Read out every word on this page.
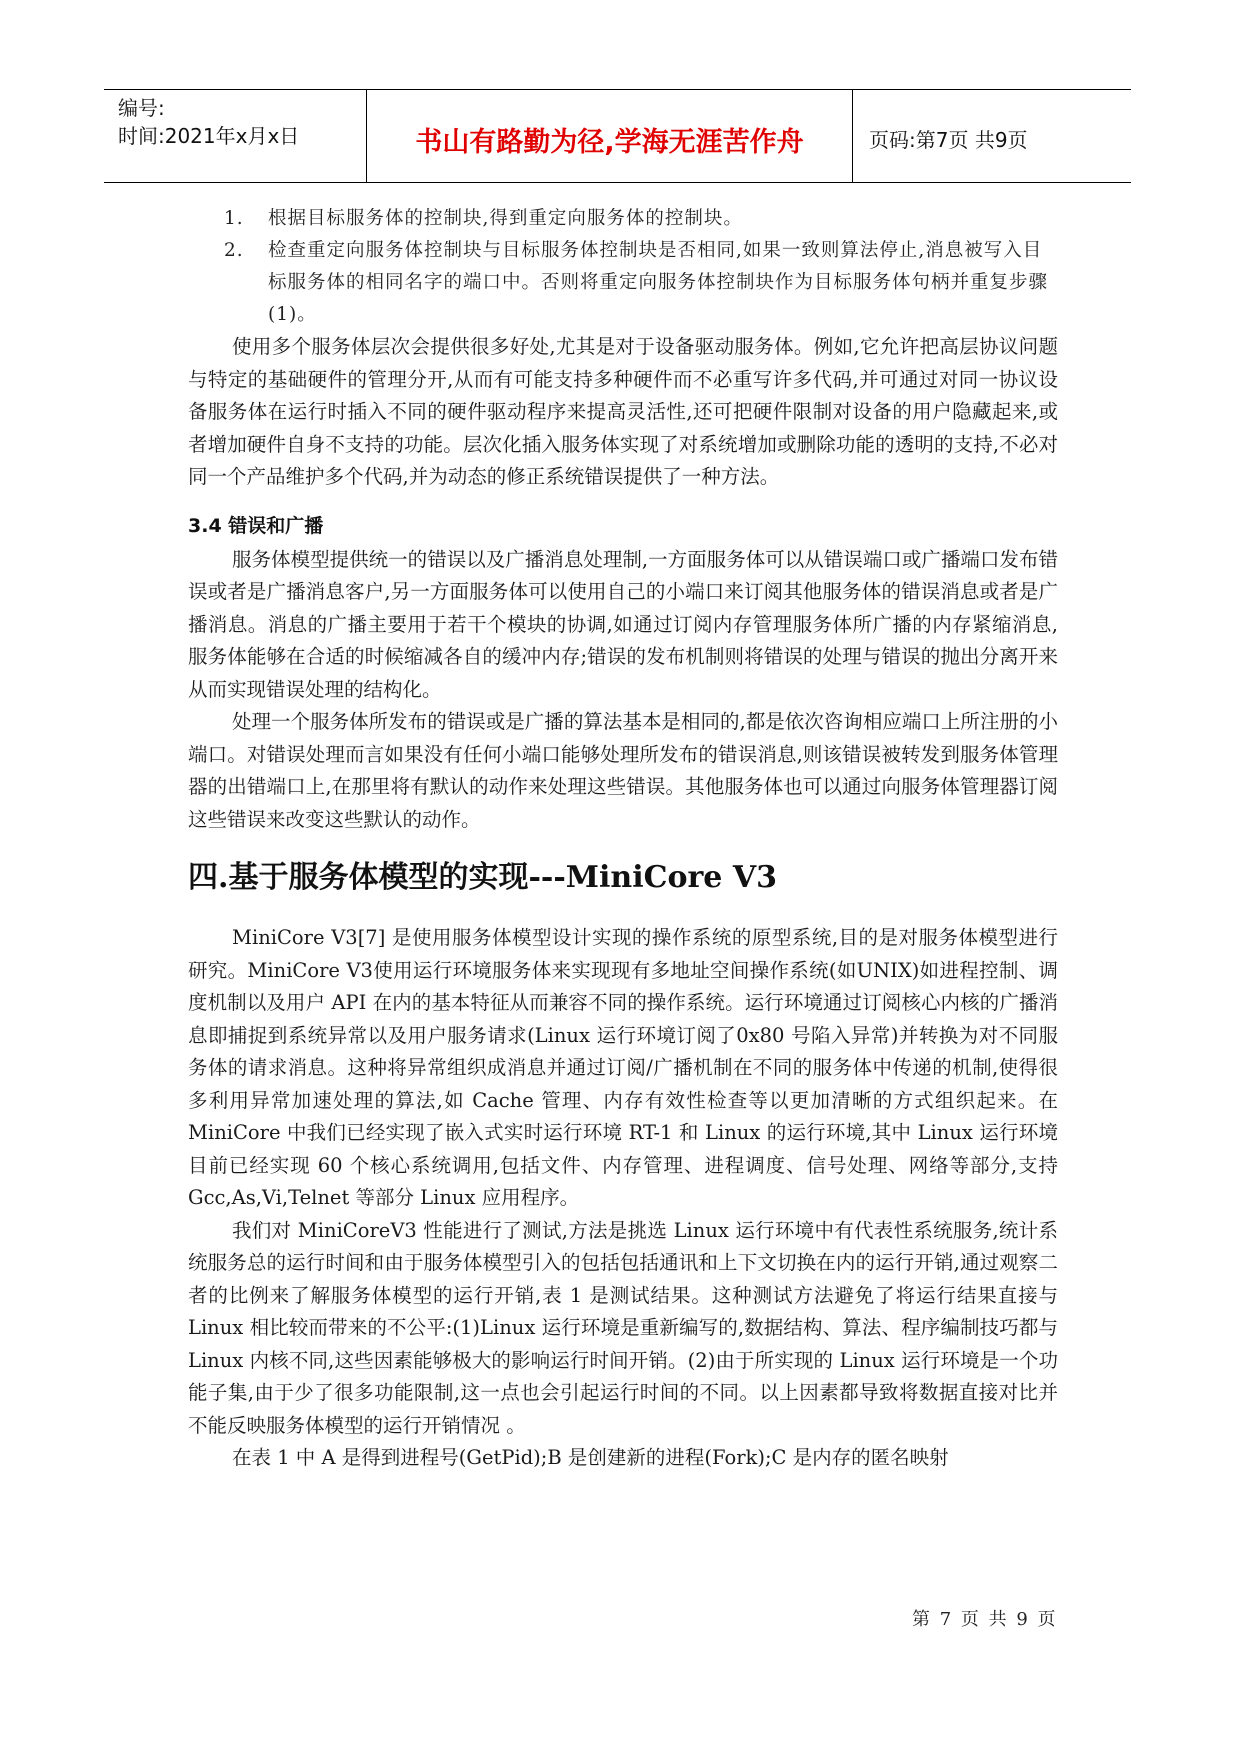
编号:
时间:2021年x月x日	书山有路勤为径,学海无涯苦作舟	页码:第7页 共9页
1. 根据目标服务体的控制块,得到重定向服务体的控制块。
2. 检查重定向服务体控制块与目标服务体控制块是否相同,如果一致则算法停止,消息被写入目标服务体的相同名字的端口中。否则将重定向服务体控制块作为目标服务体句柄并重复步骤(1)。

使用多个服务体层次会提供很多好处,尤其是对于设备驱动服务体。例如,它允许把高层协议问题与特定的基础硬件的管理分开,从而有可能支持多种硬件而不必重写许多代码,并可通过对同一协议设备服务体在运行时插入不同的硬件驱动程序来提高灵活性,还可把硬件限制对设备的用户隐藏起来,或者增加硬件自身不支持的功能。层次化插入服务体实现了对系统增加或删除功能的透明的支持,不必对同一个产品维护多个代码,并为动态的修正系统错误提供了一种方法。

3.4 错误和广播

服务体模型提供统一的错误以及广播消息处理制,一方面服务体可以从错误端口或广播端口发布错误或者是广播消息客户,另一方面服务体可以使用自己的小端口来订阅其他服务体的错误消息或者是广播消息。消息的广播主要用于若干个模块的协调,如通过订阅内存管理服务体所广播的内存紧缩消息,服务体能够在合适的时候缩减各自的缓冲内存;错误的发布机制则将错误的处理与错误的抛出分离开来从而实现错误处理的结构化。

处理一个服务体所发布的错误或是广播的算法基本是相同的,都是依次咨询相应端口上所注册的小端口。对错误处理而言如果没有任何小端口能够处理所发布的错误消息,则该错误被转发到服务体管理器的出错端口上,在那里将有默认的动作来处理这些错误。其他服务体也可以通过向服务体管理器订阅这些错误来改变这些默认的动作。

四.基于服务体模型的实现---MiniCore V3

MiniCore V3[7] 是使用服务体模型设计实现的操作系统的原型系统,目的是对服务体模型进行研究。MiniCore V3使用运行环境服务体来实现现有多地址空间操作系统(如UNIX)如进程控制、调度机制以及用户 API 在内的基本特征从而兼容不同的操作系统。运行环境通过订阅核心内核的广播消息即捕捉到系统异常以及用户服务请求(Linux 运行环境订阅了0x80 号陷入异常)并转换为对不同服务体的请求消息。这种将异常组织成消息并通过订阅/广播机制在不同的服务体中传递的机制,使得很多利用异常加速处理的算法,如 Cache 管理、内存有效性检查等以更加清晰的方式组织起来。在 MiniCore 中我们已经实现了嵌入式实时运行环境 RT-1 和 Linux 的运行环境,其中 Linux 运行环境目前已经实现 60 个核心系统调用,包括文件、内存管理、进程调度、信号处理、网络等部分,支持 Gcc,As,Vi,Telnet 等部分 Linux 应用程序。

我们对 MiniCoreV3 性能进行了测试,方法是挑选 Linux 运行环境中有代表性系统服务,统计系统服务总的运行时间和由于服务体模型引入的包括包括通讯和上下文切换在内的运行开销,通过观察二者的比例来了解服务体模型的运行开销,表 1 是测试结果。这种测试方法避免了将运行结果直接与 Linux 相比较而带来的不公平:(1)Linux 运行环境是重新编写的,数据结构、算法、程序编制技巧都与 Linux 内核不同,这些因素能够极大的影响运行时间开销。(2)由于所实现的 Linux 运行环境是一个功能子集,由于少了很多功能限制,这一点也会引起运行时间的不同。以上因素都导致将数据直接对比并不能反映服务体模型的运行开销情况 。

在表 1 中 A 是得到进程号(GetPid);B 是创建新的进程(Fork);C 是内存的匿名映射

第 7 页 共 9 页
